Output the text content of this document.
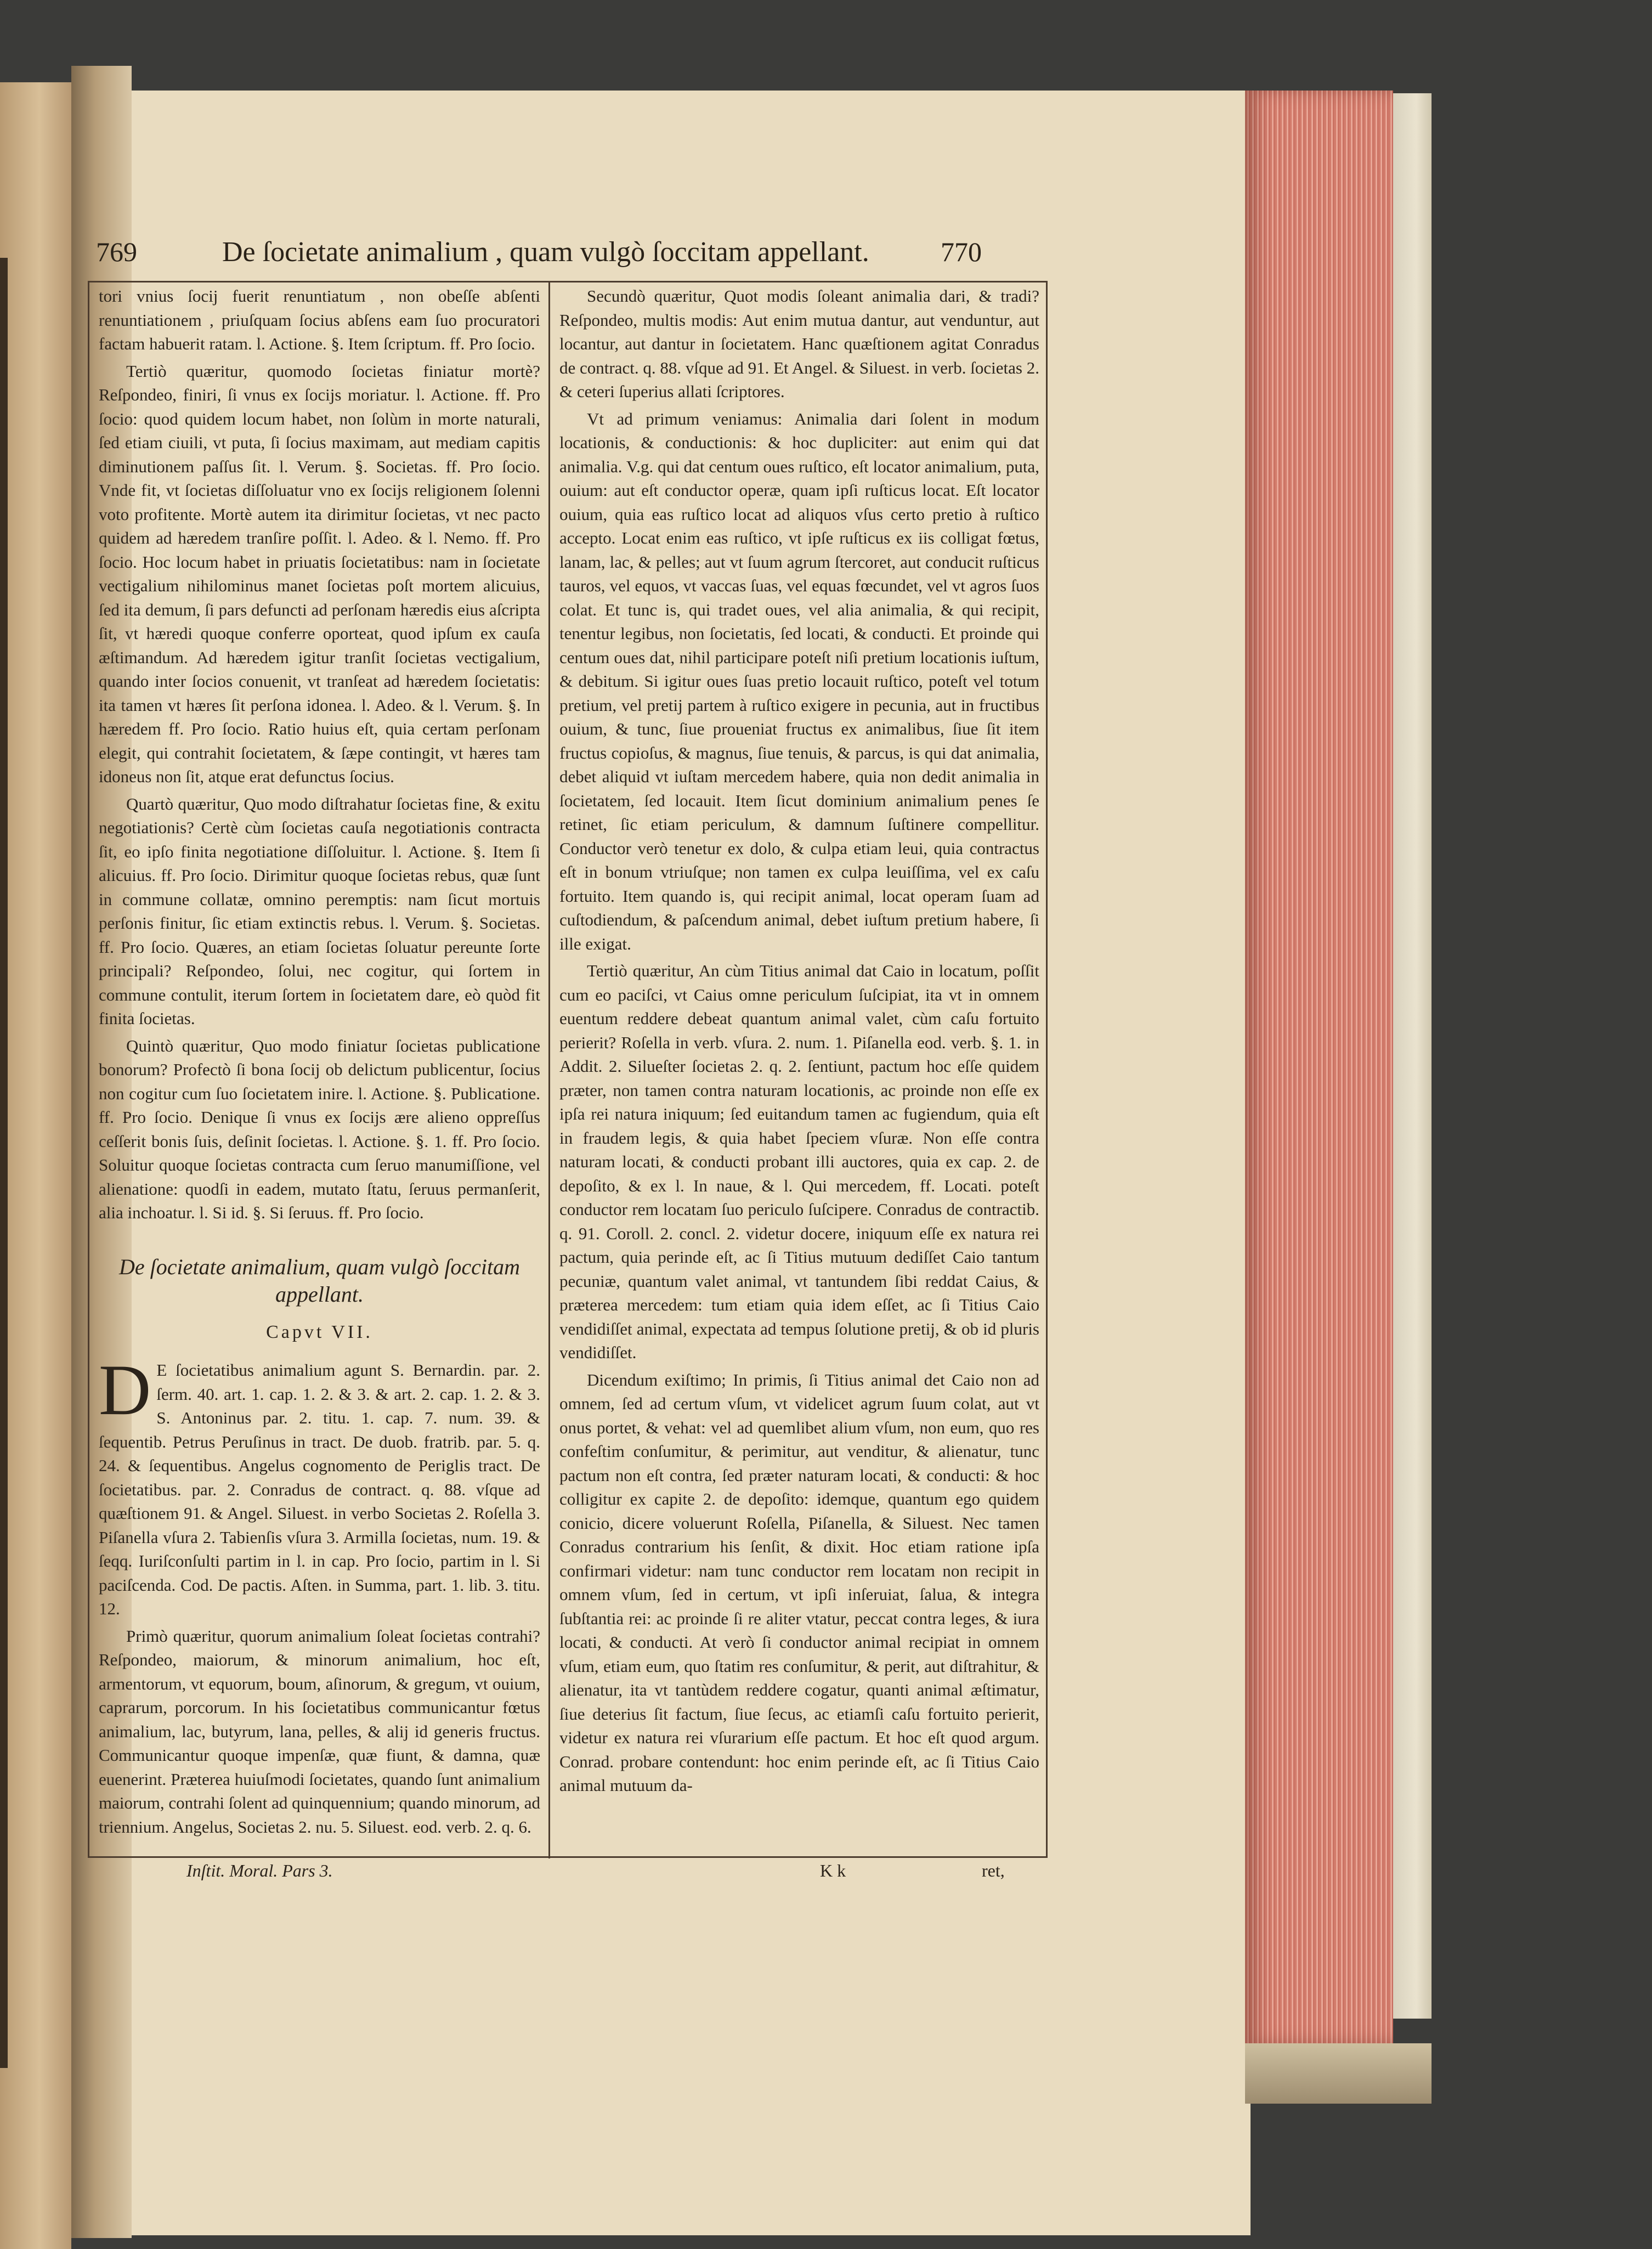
769	De ſocietate animalium , quam vulgò ſoccitam appellant.	770

tori vnius ſocij fuerit renuntiatum , non obeſſe abſenti renuntiationem , priuſquam ſocius abſens eam ſuo procuratori factam habuerit ratam. l. Actione. §. Item ſcriptum. ff. Pro ſocio.

Tertiò quæritur, quomodo ſocietas finiatur mortè? Reſpondeo, finiri, ſi vnus ex ſocijs moriatur. l. Actione. ff. Pro ſocio: quod quidem locum habet, non ſolùm in morte naturali, ſed etiam ciuili, vt puta, ſi ſocius maximam, aut mediam capitis diminutionem paſſus ſit. l. Verum. §. Societas. ff. Pro ſocio. Vnde fit, vt ſocietas diſſoluatur vno ex ſocijs religionem ſolenni voto profitente. Mortè autem ita dirimitur ſocietas, vt nec pacto quidem ad hæredem tranſire poſſit. l. Adeo. & l. Nemo. ff. Pro ſocio. Hoc locum habet in priuatis ſocietatibus: nam in ſocietate vectigalium nihilominus manet ſocietas poſt mortem alicuius, ſed ita demum, ſi pars defuncti ad perſonam hæredis eius aſcripta ſit, vt hæredi quoque conferre oporteat, quod ipſum ex cauſa æſtimandum. Ad hæredem igitur tranſit ſocietas vectigalium, quando inter ſocios conuenit, vt tranſeat ad hæredem ſocietatis: ita tamen vt hæres ſit perſona idonea. l. Adeo. & l. Verum. §. In hæredem ff. Pro ſocio. Ratio huius eſt, quia certam perſonam elegit, qui contrahit ſocietatem, & ſæpe contingit, vt hæres tam idoneus non ſit, atque erat defunctus ſocius.

Quartò quæritur, Quo modo diſtrahatur ſocietas fine, & exitu negotiationis? Certè cùm ſocietas cauſa negotiationis contracta ſit, eo ipſo finita negotiatione diſſoluitur. l. Actione. §. Item ſi alicuius. ff. Pro ſocio. Dirimitur quoque ſocietas rebus, quæ ſunt in commune collatæ, omnino peremptis: nam ſicut mortuis perſonis finitur, ſic etiam extinctis rebus. l. Verum. §. Societas. ff. Pro ſocio. Quæres, an etiam ſocietas ſoluatur pereunte ſorte principali? Reſpondeo, ſolui, nec cogitur, qui ſortem in commune contulit, iterum ſortem in ſocietatem dare, eò quòd fit finita ſocietas.

Quintò quæritur, Quo modo finiatur ſocietas publicatione bonorum? Profectò ſi bona ſocij ob delictum publicentur, ſocius non cogitur cum ſuo ſocietatem inire. l. Actione. §. Publicatione. ff. Pro ſocio. Denique ſi vnus ex ſocijs ære alieno oppreſſus ceſſerit bonis ſuis, deſinit ſocietas. l. Actione. §. 1. ff. Pro ſocio. Soluitur quoque ſocietas contracta cum ſeruo manumiſſione, vel alienatione: quodſi in eadem, mutato ſtatu, ſeruus permanſerit, alia inchoatur. l. Si id. §. Si ſeruus. ff. Pro ſocio.

De ſocietate animalium, quam vulgò ſoccitam appellant.
Capvt VII.

D E ſocietatibus animalium agunt S. Bernardin. par. 2. ſerm. 40. art. 1. cap. 1. 2. & 3. & art. 2. cap. 1. 2. & 3. S. Antoninus par. 2. titu. 1. cap. 7. num. 39. & ſequentib. Petrus Peruſinus in tract. De duob. fratrib. par. 5. q. 24. & ſequentibus. Angelus cognomento de Periglis tract. De ſocietatibus. par. 2. Conradus de contract. q. 88. vſque ad quæſtionem 91. & Angel. Siluest. in verbo Societas 2. Roſella 3. Piſanella vſura 2. Tabienſis vſura 3. Armilla ſocietas, num. 19. & ſeqq. Iuriſconſulti partim in l. in cap. Pro ſocio, partim in l. Si paciſcenda. Cod. De pactis. Aſten. in Summa, part. 1. lib. 3. titu. 12.

Primò quæritur, quorum animalium ſoleat ſocietas contrahi? Reſpondeo, maiorum, & minorum animalium, hoc eſt, armentorum, vt equorum, boum, aſinorum, & gregum, vt ouium, caprarum, porcorum. In his ſocietatibus communicantur fœtus animalium, lac, butyrum, lana, pelles, & alij id generis fructus. Communicantur quoque impenſæ, quæ fiunt, & damna, quæ euenerint. Præterea huiuſmodi ſocietates, quando ſunt animalium maiorum, contrahi ſolent ad quinquennium; quando minorum, ad triennium. Angelus, Societas 2. nu. 5. Siluest. eod. verb. 2. q. 6.

Secundò quæritur, Quot modis ſoleant animalia dari, & tradi? Reſpondeo, multis modis: Aut enim mutua dantur, aut venduntur, aut locantur, aut dantur in ſocietatem. Hanc quæſtionem agitat Conradus de contract. q. 88. vſque ad 91. Et Angel. & Siluest. in verb. ſocietas 2. & ceteri ſuperius allati ſcriptores.

Vt ad primum veniamus: Animalia dari ſolent in modum locationis, & conductionis: & hoc dupliciter: aut enim qui dat animalia. V.g. qui dat centum oues ruſtico, eſt locator animalium, puta, ouium: aut eſt conductor operæ, quam ipſi ruſticus locat. Eſt locator ouium, quia eas ruſtico locat ad aliquos vſus certo pretio à ruſtico accepto. Locat enim eas ruſtico, vt ipſe ruſticus ex iis colligat fœtus, lanam, lac, & pelles; aut vt ſuum agrum ſtercoret, aut conducit ruſticus tauros, vel equos, vt vaccas ſuas, vel equas fœcundet, vel vt agros ſuos colat. Et tunc is, qui tradet oues, vel alia animalia, & qui recipit, tenentur legibus, non ſocietatis, ſed locati, & conducti. Et proinde qui centum oues dat, nihil participare poteſt niſi pretium locationis iuſtum, & debitum. Si igitur oues ſuas pretio locauit ruſtico, poteſt vel totum pretium, vel pretij partem à ruſtico exigere in pecunia, aut in fructibus ouium, & tunc, ſiue proueniat fructus ex animalibus, ſiue ſit item fructus copioſus, & magnus, ſiue tenuis, & parcus, is qui dat animalia, debet aliquid vt iuſtam mercedem habere, quia non dedit animalia in ſocietatem, ſed locauit. Item ſicut dominium animalium penes ſe retinet, ſic etiam periculum, & damnum ſuſtinere compellitur. Conductor verò tenetur ex dolo, & culpa etiam leui, quia contractus eſt in bonum vtriuſque; non tamen ex culpa leuiſſima, vel ex caſu fortuito. Item quando is, qui recipit animal, locat operam ſuam ad cuſtodiendum, & paſcendum animal, debet iuſtum pretium habere, ſi ille exigat.

Tertiò quæritur, An cùm Titius animal dat Caio in locatum, poſſit cum eo paciſci, vt Caius omne periculum ſuſcipiat, ita vt in omnem euentum reddere debeat quantum animal valet, cùm caſu fortuito perierit? Roſella in verb. vſura. 2. num. 1. Piſanella eod. verb. §. 1. in Addit. 2. Silueſter ſocietas 2. q. 2. ſentiunt, pactum hoc eſſe quidem præter, non tamen contra naturam locationis, ac proinde non eſſe ex ipſa rei natura iniquum; ſed euitandum tamen ac fugiendum, quia eſt in fraudem legis, & quia habet ſpeciem vſuræ. Non eſſe contra naturam locati, & conducti probant illi auctores, quia ex cap. 2. de depoſito, & ex l. In naue, & l. Qui mercedem, ff. Locati. poteſt conductor rem locatam ſuo periculo ſuſcipere. Conradus de contractib. q. 91. Coroll. 2. concl. 2. videtur docere, iniquum eſſe ex natura rei pactum, quia perinde eſt, ac ſi Titius mutuum dediſſet Caio tantum pecuniæ, quantum valet animal, vt tantundem ſibi reddat Caius, & præterea mercedem: tum etiam quia idem eſſet, ac ſi Titius Caio vendidiſſet animal, expectata ad tempus ſolutione pretij, & ob id pluris vendidiſſet.

Dicendum exiſtimo; In primis, ſi Titius animal det Caio non ad omnem, ſed ad certum vſum, vt videlicet agrum ſuum colat, aut vt onus portet, & vehat: vel ad quemlibet alium vſum, non eum, quo res confeſtim conſumitur, & perimitur, aut venditur, & alienatur, tunc pactum non eſt contra, ſed præter naturam locati, & conducti: & hoc colligitur ex capite 2. de depoſito: idemque, quantum ego quidem conicio, dicere voluerunt Roſella, Piſanella, & Siluest. Nec tamen Conradus contrarium his ſenſit, & dixit. Hoc etiam ratione ipſa confirmari videtur: nam tunc conductor rem locatam non recipit in omnem vſum, ſed in certum, vt ipſi inſeruiat, ſalua, & integra ſubſtantia rei: ac proinde ſi re aliter vtatur, peccat contra leges, & iura locati, & conducti. At verò ſi conductor animal recipiat in omnem vſum, etiam eum, quo ſtatim res conſumitur, & perit, aut diſtrahitur, & alienatur, ita vt tantùdem reddere cogatur, quanti animal æſtimatur, ſiue deterius ſit factum, ſiue ſecus, ac etiamſi caſu fortuito perierit, videtur ex natura rei vſurarium eſſe pactum. Et hoc eſt quod argum. Conrad. probare contendunt: hoc enim perinde eſt, ac ſi Titius Caio animal mutuum da-

Inſtit. Moral. Pars 3.	K k	ret,
